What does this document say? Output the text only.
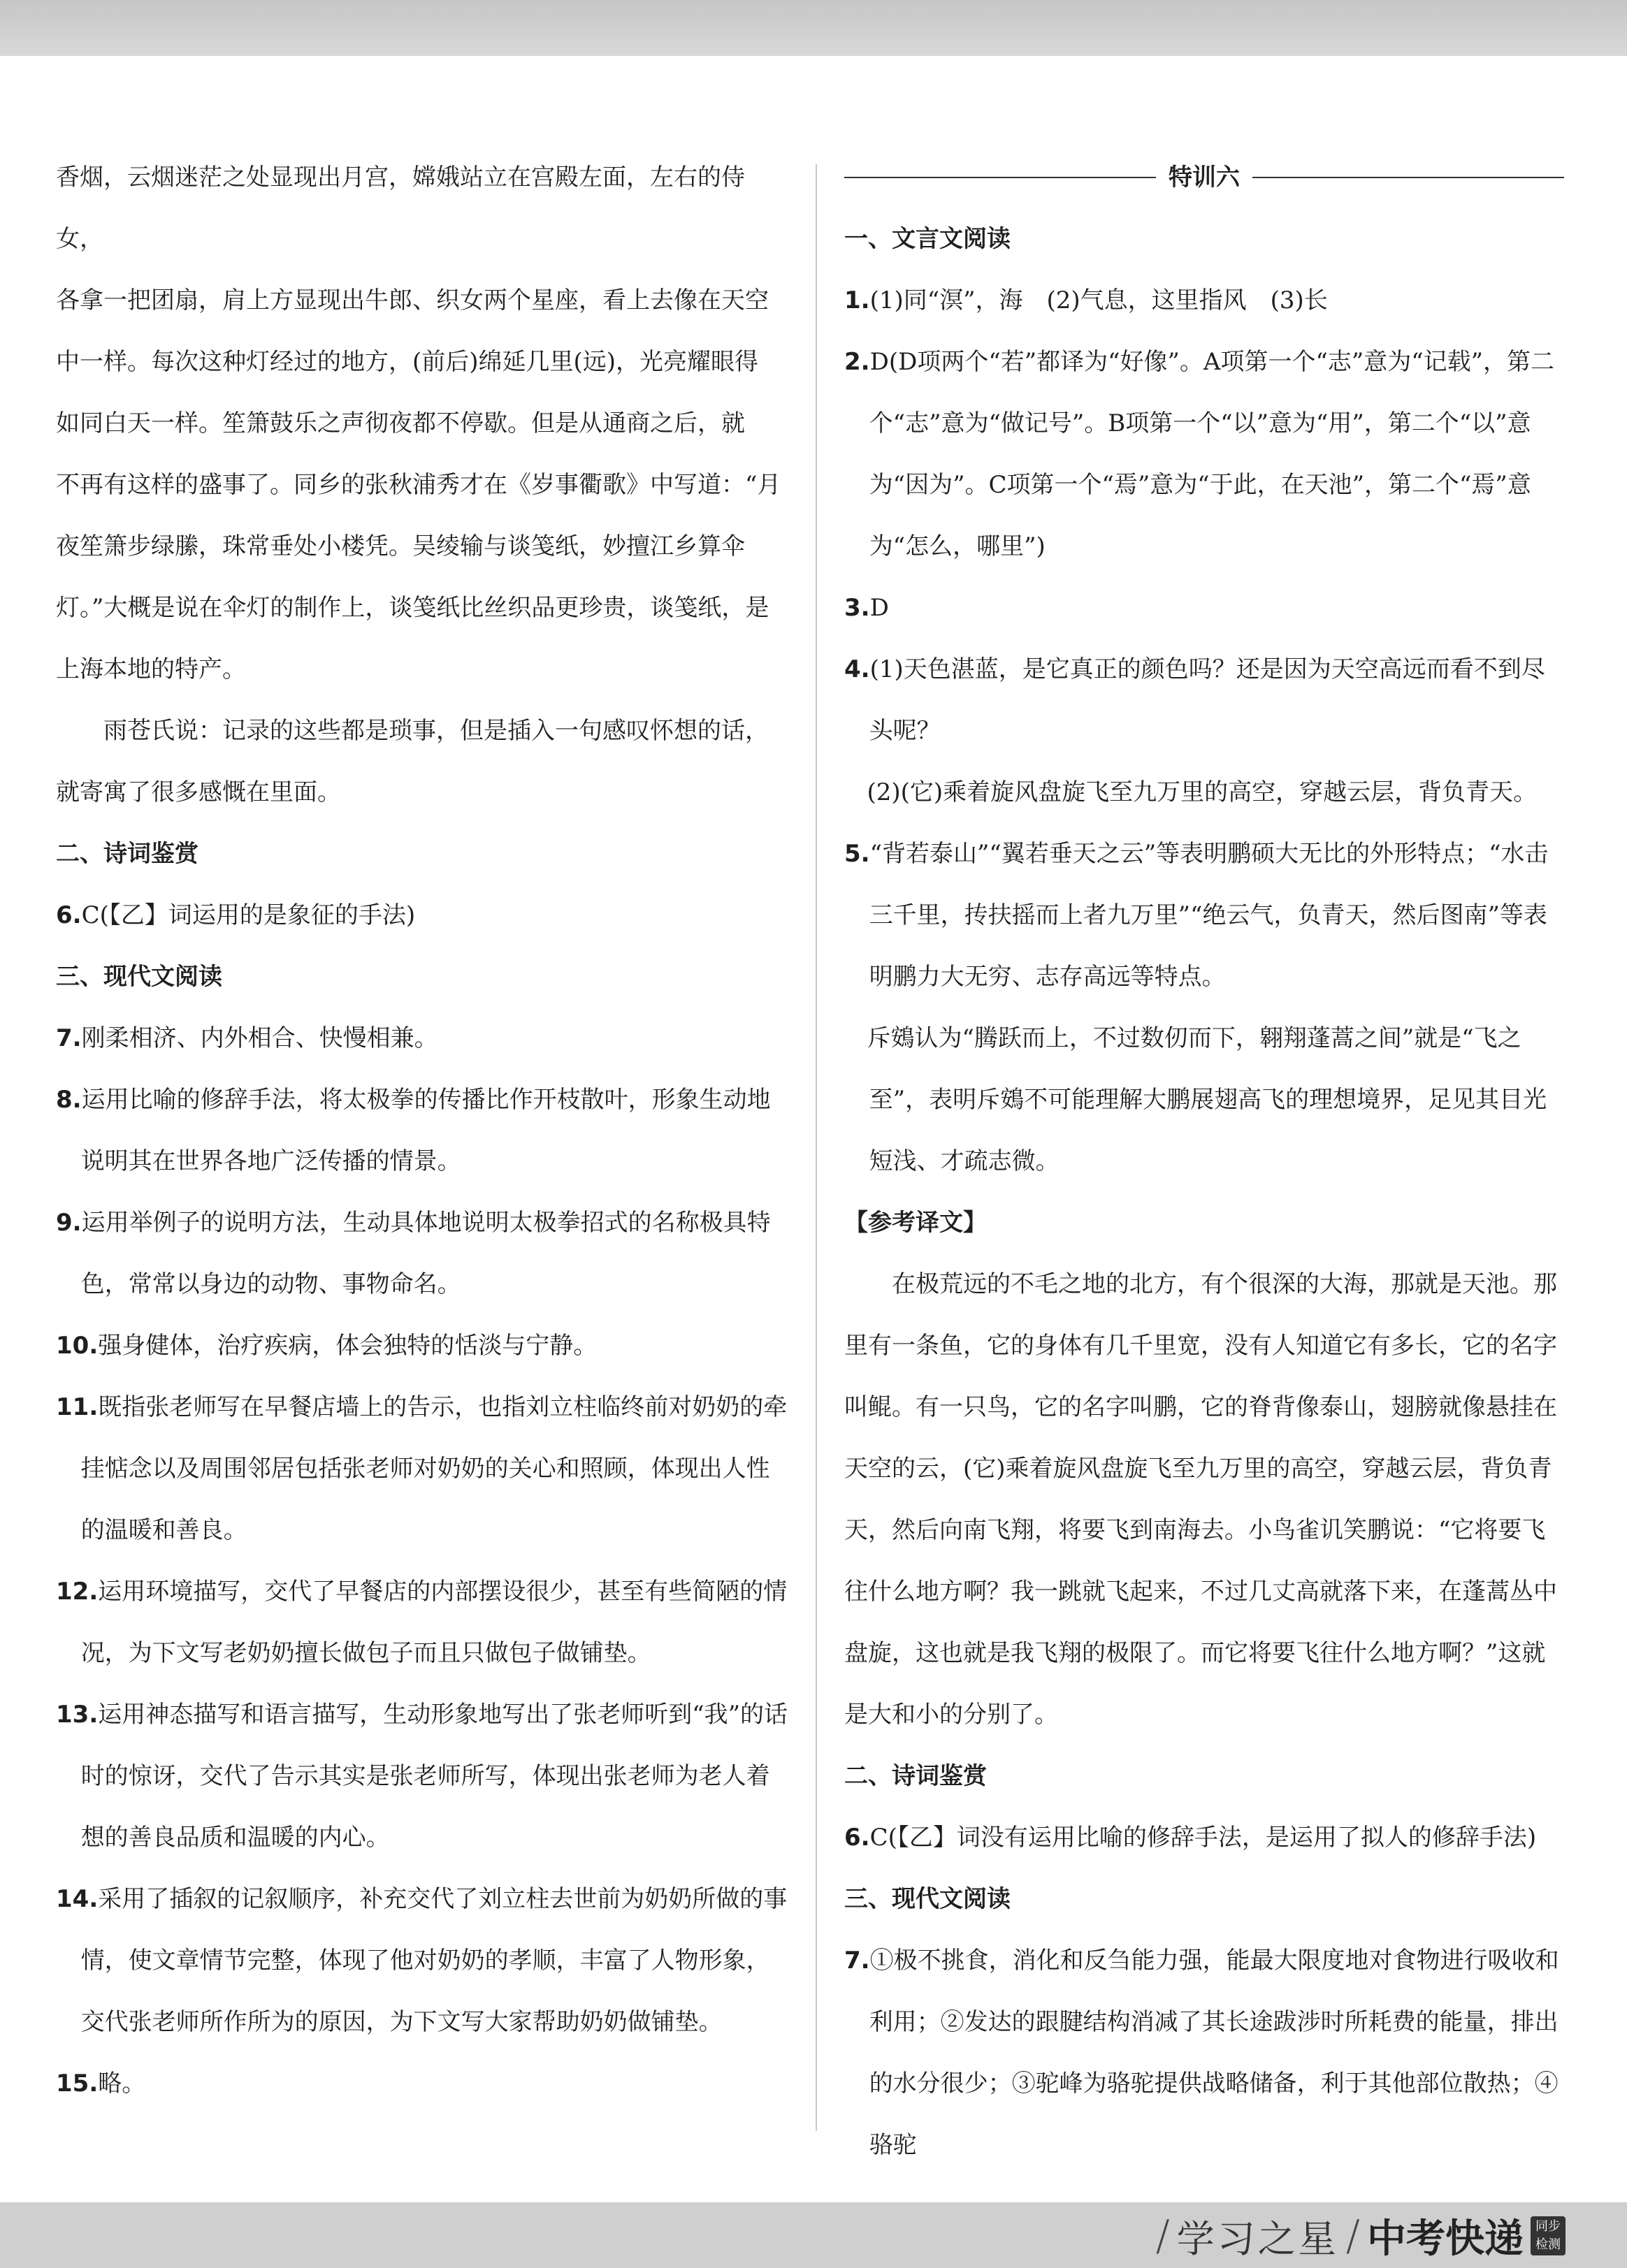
香烟，云烟迷茫之处显现出月宫，嫦娥站立在宫殿左面，左右的侍女，

各拿一把团扇，肩上方显现出牛郎、织女两个星座，看上去像在天空

中一样。每次这种灯经过的地方，(前后)绵延几里(远)，光亮耀眼得

如同白天一样。笙箫鼓乐之声彻夜都不停歇。但是从通商之后，就

不再有这样的盛事了。同乡的张秋浦秀才在《岁事衢歌》中写道：“月

夜笙箫步绿縢，珠常垂处小楼凭。吴绫输与谈笺纸，妙擅江乡算伞

灯。”大概是说在伞灯的制作上，谈笺纸比丝织品更珍贵，谈笺纸，是

上海本地的特产。

雨苍氏说：记录的这些都是琐事，但是插入一句感叹怀想的话，就寄寓了很多感慨在里面。

二、诗词鉴赏

6.C(【乙】词运用的是象征的手法)

三、现代文阅读

7.刚柔相济、内外相合、快慢相兼。

8.运用比喻的修辞手法，将太极拳的传播比作开枝散叶，形象生动地说明其在世界各地广泛传播的情景。

9.运用举例子的说明方法，生动具体地说明太极拳招式的名称极具特色，常常以身边的动物、事物命名。

10.强身健体，治疗疾病，体会独特的恬淡与宁静。

11.既指张老师写在早餐店墙上的告示，也指刘立柱临终前对奶奶的牵挂惦念以及周围邻居包括张老师对奶奶的关心和照顾，体现出人性的温暖和善良。

12.运用环境描写，交代了早餐店的内部摆设很少，甚至有些简陋的情况，为下文写老奶奶擅长做包子而且只做包子做铺垫。

13.运用神态描写和语言描写，生动形象地写出了张老师听到“我”的话时的惊讶，交代了告示其实是张老师所写，体现出张老师为老人着想的善良品质和温暖的内心。

14.采用了插叙的记叙顺序，补充交代了刘立柱去世前为奶奶所做的事情，使文章情节完整，体现了他对奶奶的孝顺，丰富了人物形象，交代张老师所作所为的原因，为下文写大家帮助奶奶做铺垫。

15.略。

特训六

一、文言文阅读

1.(1)同“溟”，海　(2)气息，这里指风　(3)长

2.D(D项两个“若”都译为“好像”。A项第一个“志”意为“记载”，第二个“志”意为“做记号”。B项第一个“以”意为“用”，第二个“以”意为“因为”。C项第一个“焉”意为“于此，在天池”，第二个“焉”意为“怎么，哪里”)

3.D

4.(1)天色湛蓝，是它真正的颜色吗？还是因为天空高远而看不到尽头呢？

(2)(它)乘着旋风盘旋飞至九万里的高空，穿越云层，背负青天。

5.“背若泰山”“翼若垂天之云”等表明鹏硕大无比的外形特点；“水击三千里，抟扶摇而上者九万里”“绝云气，负青天，然后图南”等表明鹏力大无穷、志存高远等特点。

斥鴳认为“腾跃而上，不过数仞而下，翱翔蓬蒿之间”就是“飞之至”，表明斥鴳不可能理解大鹏展翅高飞的理想境界，足见其目光短浅、才疏志微。

【参考译文】

在极荒远的不毛之地的北方，有个很深的大海，那就是天池。那里有一条鱼，它的身体有几千里宽，没有人知道它有多长，它的名字叫鲲。有一只鸟，它的名字叫鹏，它的脊背像泰山，翅膀就像悬挂在天空的云，(它)乘着旋风盘旋飞至九万里的高空，穿越云层，背负青天，然后向南飞翔，将要飞到南海去。小鸟雀讥笑鹏说：“它将要飞往什么地方啊？我一跳就飞起来，不过几丈高就落下来，在蓬蒿丛中盘旋，这也就是我飞翔的极限了。而它将要飞往什么地方啊？”这就是大和小的分别了。

二、诗词鉴赏

6.C(【乙】词没有运用比喻的修辞手法，是运用了拟人的修辞手法)

三、现代文阅读

7.①极不挑食，消化和反刍能力强，能最大限度地对食物进行吸收和利用；②发达的跟腱结构消减了其长途跋涉时所耗费的能量，排出的水分很少；③驼峰为骆驼提供战略储备，利于其他部位散热；④骆驼

/ 学习之星 / 中考快递 同步
检测
